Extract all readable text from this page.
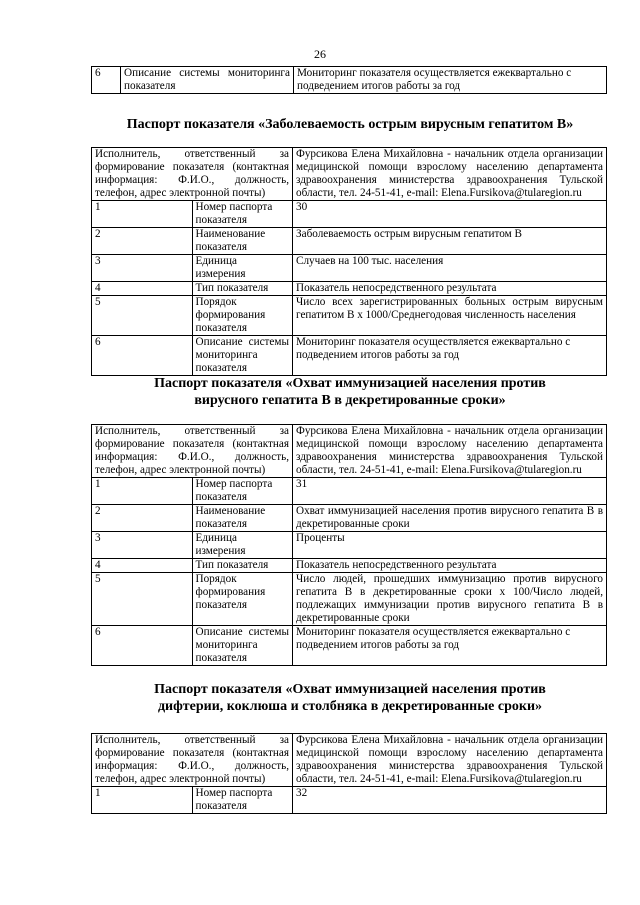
26
6	Описание системы мониторинга показателя	Мониторинг показателя осуществляется ежеквартально с подведением итогов работы за год
Паспорт показателя «Заболеваемость острым вирусным гепатитом В»
Исполнитель, ответственный за формирование показателя (контактная информация: Ф.И.О., должность, телефон, адрес электронной почты)		Фурсикова Елена Михайловна - начальник отдела организации медицинской помощи взрослому населению департамента здравоохранения министерства здравоохранения Тульской области, тел. 24-51-41, e-mail: Elena.Fursikova@tularegion.ru
1	Номер паспорта показателя	30
2	Наименование показателя	Заболеваемость острым вирусным гепатитом В
3	Единица измерения	Случаев на 100 тыс. населения
4	Тип показателя	Показатель непосредственного результата
5	Порядок формирования показателя	Число всех зарегистрированных больных острым вирусным гепатитом В х 1000/Среднегодовая численность населения
6	Описание системы мониторинга показателя	Мониторинг показателя осуществляется ежеквартально с подведением итогов работы за год
Паспорт показателя «Охват иммунизацией населения против
вирусного гепатита В в декретированные сроки»
Исполнитель, ответственный за формирование показателя (контактная информация: Ф.И.О., должность, телефон, адрес электронной почты)		Фурсикова Елена Михайловна - начальник отдела организации медицинской помощи взрослому населению департамента здравоохранения министерства здравоохранения Тульской области, тел. 24-51-41, e-mail: Elena.Fursikova@tularegion.ru
1	Номер паспорта показателя	31
2	Наименование показателя	Охват иммунизацией населения против вирусного гепатита В в декретированные сроки
3	Единица измерения	Проценты
4	Тип показателя	Показатель непосредственного результата
5	Порядок формирования показателя	Число людей, прошедших иммунизацию против вирусного гепатита В в декретированные сроки х 100/Число людей, подлежащих иммунизации против вирусного гепатита В в декретированные сроки
6	Описание системы мониторинга показателя	Мониторинг показателя осуществляется ежеквартально с подведением итогов работы за год
Паспорт показателя «Охват иммунизацией населения против
дифтерии, коклюша и столбняка в декретированные сроки»
Исполнитель, ответственный за формирование показателя (контактная информация: Ф.И.О., должность, телефон, адрес электронной почты)		Фурсикова Елена Михайловна - начальник отдела организации медицинской помощи взрослому населению департамента здравоохранения министерства здравоохранения Тульской области, тел. 24-51-41, e-mail: Elena.Fursikova@tularegion.ru
1	Номер паспорта показателя	32
